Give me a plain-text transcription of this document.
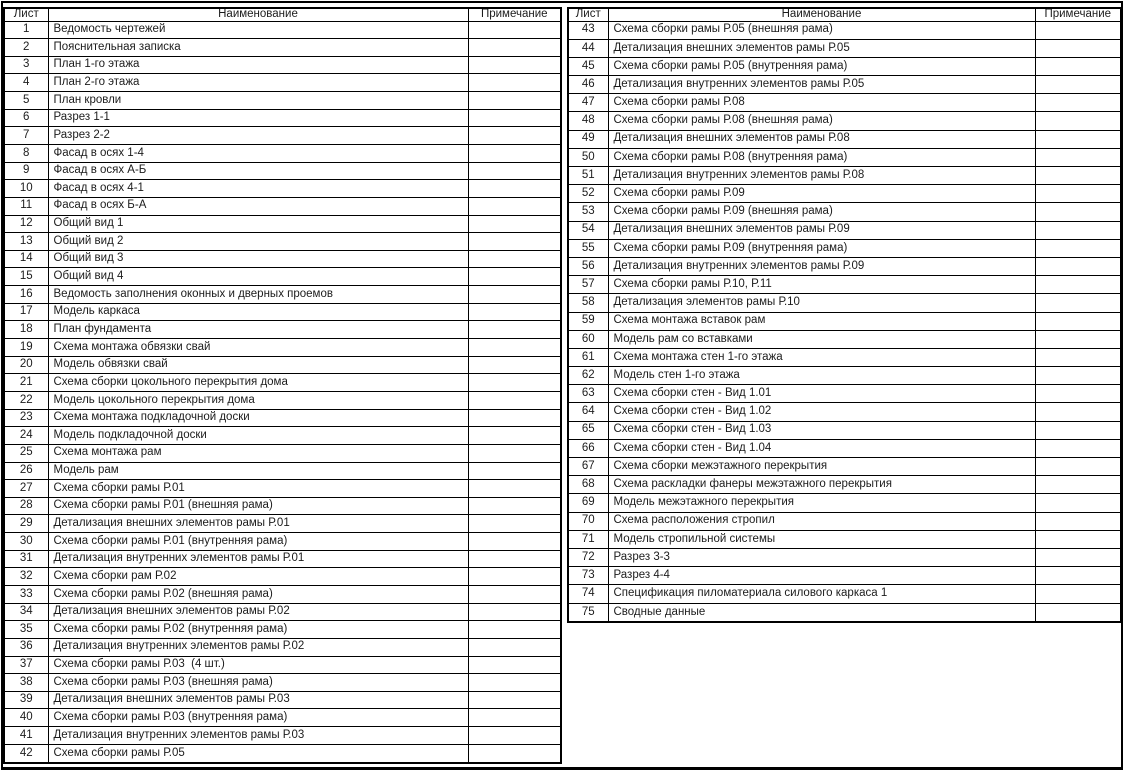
Лист	Наименование	Примечание
1	Ведомость чертежей	
2	Пояснительная записка	
3	План 1-го этажа	
4	План 2-го этажа	
5	План кровли	
6	Разрез 1-1	
7	Разрез 2-2	
8	Фасад в осях 1-4	
9	Фасад в осях А-Б	
10	Фасад в осях 4-1	
11	Фасад в осях Б-А	
12	Общий вид 1	
13	Общий вид 2	
14	Общий вид 3	
15	Общий вид 4	
16	Ведомость заполнения оконных и дверных проемов	
17	Модель каркаса	
18	План фундамента	
19	Схема монтажа обвязки свай	
20	Модель обвязки свай	
21	Схема сборки цокольного перекрытия дома	
22	Модель цокольного перекрытия дома	
23	Схема монтажа подкладочной доски	
24	Модель подкладочной доски	
25	Схема монтажа рам	
26	Модель рам	
27	Схема сборки рамы Р.01	
28	Схема сборки рамы Р.01 (внешняя рама)	
29	Детализация внешних элементов рамы Р.01	
30	Схема сборки рамы Р.01 (внутренняя рама)	
31	Детализация внутренних элементов рамы Р.01	
32	Схема сборки рам Р.02	
33	Схема сборки рамы Р.02 (внешняя рама)	
34	Детализация внешних элементов рамы Р.02	
35	Схема сборки рамы Р.02 (внутренняя рама)	
36	Детализация внутренних элементов рамы Р.02	
37	Схема сборки рамы Р.03  (4 шт.)	
38	Схема сборки рамы Р.03 (внешняя рама)	
39	Детализация внешних элементов рамы Р.03	
40	Схема сборки рамы Р.03 (внутренняя рама)	
41	Детализация внутренних элементов рамы Р.03	
42	Схема сборки рамы Р.05	
Лист	Наименование	Примечание
43	Схема сборки рамы Р.05 (внешняя рама)	
44	Детализация внешних элементов рамы Р.05	
45	Схема сборки рамы Р.05 (внутренняя рама)	
46	Детализация внутренних элементов рамы Р.05	
47	Схема сборки рамы Р.08	
48	Схема сборки рамы Р.08 (внешняя рама)	
49	Детализация внешних элементов рамы Р.08	
50	Схема сборки рамы Р.08 (внутренняя рама)	
51	Детализация внутренних элементов рамы Р.08	
52	Схема сборки рамы Р.09	
53	Схема сборки рамы Р.09 (внешняя рама)	
54	Детализация внешних элементов рамы Р.09	
55	Схема сборки рамы Р.09 (внутренняя рама)	
56	Детализация внутренних элементов рамы Р.09	
57	Схема сборки рамы Р.10, Р.11	
58	Детализация элементов рамы Р.10	
59	Схема монтажа вставок рам	
60	Модель рам со вставками	
61	Схема монтажа стен 1-го этажа	
62	Модель стен 1-го этажа	
63	Схема сборки стен - Вид 1.01	
64	Схема сборки стен - Вид 1.02	
65	Схема сборки стен - Вид 1.03	
66	Схема сборки стен - Вид 1.04	
67	Схема сборки межэтажного перекрытия	
68	Схема раскладки фанеры межэтажного перекрытия	
69	Модель межэтажного перекрытия	
70	Схема расположения стропил	
71	Модель стропильной системы	
72	Разрез 3-3	
73	Разрез 4-4	
74	Спецификация пиломатериала силового каркаса 1	
75	Сводные данные	
